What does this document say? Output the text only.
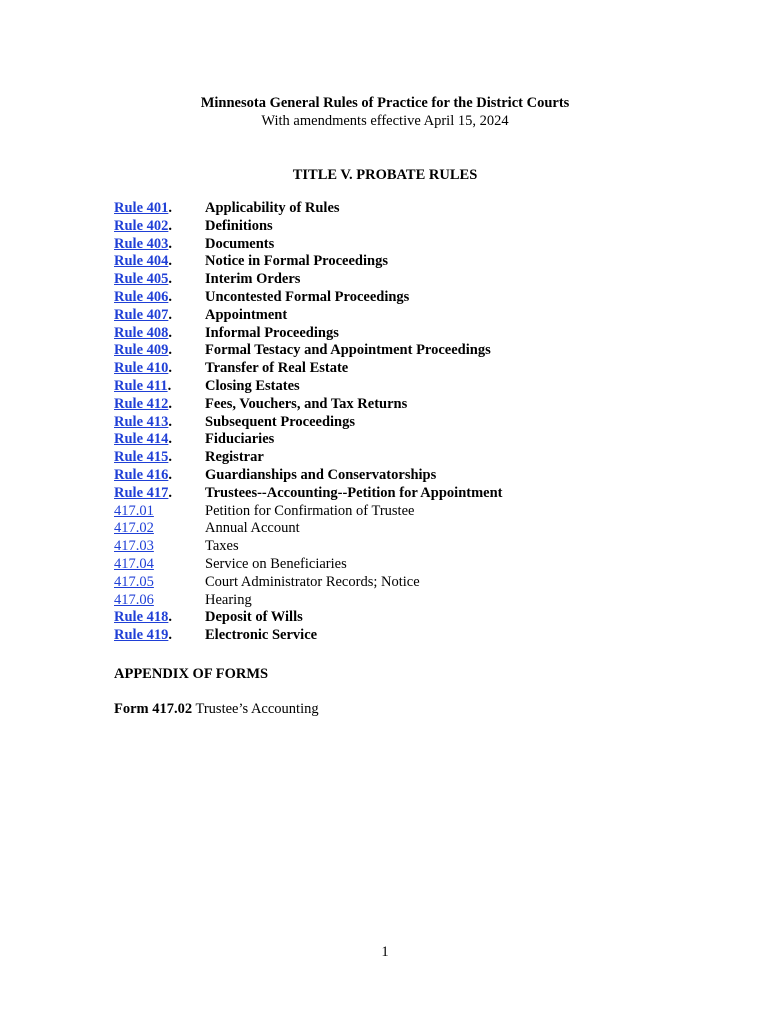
Minnesota General Rules of Practice for the District Courts
With amendments effective April 15, 2024
TITLE V. PROBATE RULES
Rule 401.	Applicability of Rules
Rule 402.	Definitions
Rule 403.	Documents
Rule 404.	Notice in Formal Proceedings
Rule 405.	Interim Orders
Rule 406.	Uncontested Formal Proceedings
Rule 407.	Appointment
Rule 408.	Informal Proceedings
Rule 409.	Formal Testacy and Appointment Proceedings
Rule 410.	Transfer of Real Estate
Rule 411.	Closing Estates
Rule 412.	Fees, Vouchers, and Tax Returns
Rule 413.	Subsequent Proceedings
Rule 414.	Fiduciaries
Rule 415.	Registrar
Rule 416.	Guardianships and Conservatorships
Rule 417.	Trustees--Accounting--Petition for Appointment
417.01	Petition for Confirmation of Trustee
417.02	Annual Account
417.03	Taxes
417.04	Service on Beneficiaries
417.05	Court Administrator Records; Notice
417.06	Hearing
Rule 418.	Deposit of Wills
Rule 419.	Electronic Service
APPENDIX OF FORMS
Form 417.02 Trustee’s Accounting
1
